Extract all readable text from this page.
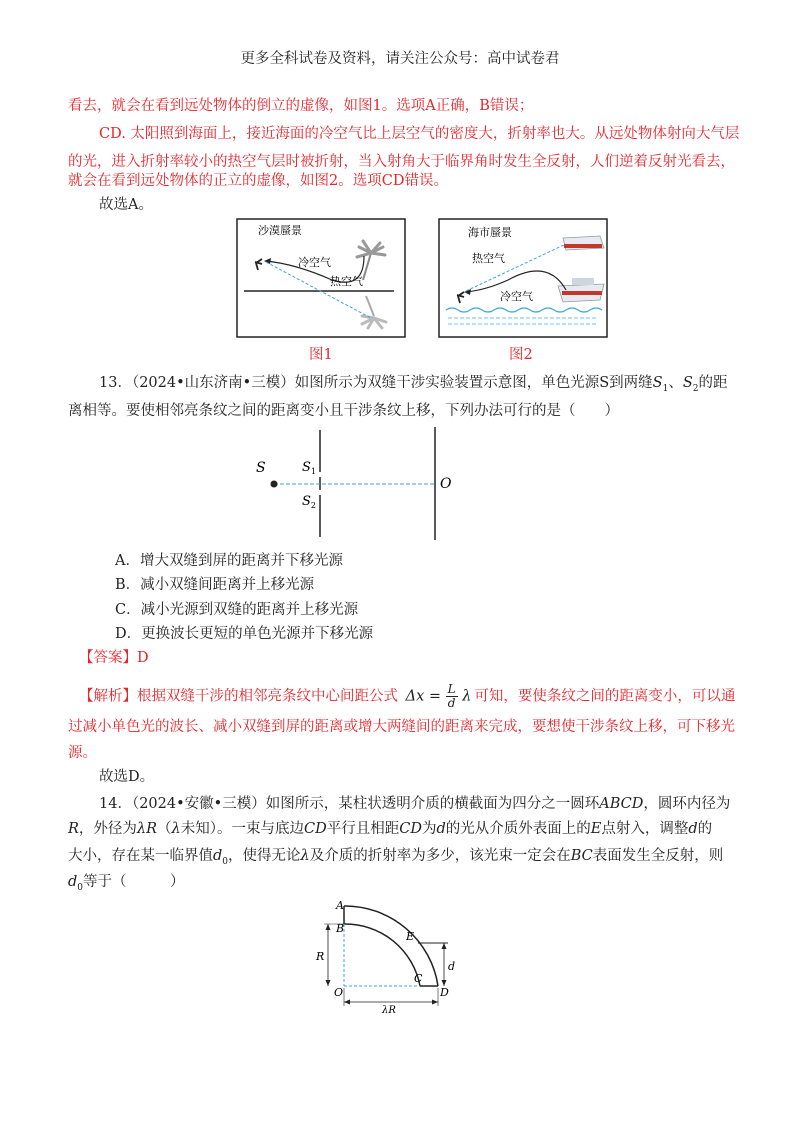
更多全科试卷及资料，请关注公众号：高中试卷君
看去，就会在看到远处物体的倒立的虚像，如图1。选项A正确，B错误；
CD. 太阳照到海面上，接近海面的冷空气比上层空气的密度大，折射率也大。从远处物体射向大气层
的光，进入折射率较小的热空气层时被折射，当入射角大于临界角时发生全反射，人们逆着反射光看去，
就会在看到远处物体的正立的虚像，如图2。选项CD错误。
故选A。
沙漠蜃景
冷空气
热空气
海市蜃景
热空气
冷空气
图1	图2
13．（2024•山东济南•三模）如图所示为双缝干涉实验装置示意图，单色光源S到两缝$S_1$、$S_2$的距
离相等。要使相邻亮条纹之间的距离变小且干涉条纹上移，下列办法可行的是（　　）
S	$S_1$
$S_2$
O
A．增大双缝到屏的距离并下移光源
B．减小双缝间距离并上移光源
C．减小光源到双缝的距离并上移光源
D．更换波长更短的单色光源并下移光源
【答案】D
【解析】根据双缝干涉的相邻亮条纹中心间距公式 $\Delta x = \frac{L}{d}$ λ 可知，要使条纹之间的距离变小，可以通
过减小单色光的波长、减小双缝到屏的距离或增大两缝间的距离来完成，要想使干涉条纹上移，可下移光
源。
故选D。
14．（2024•安徽•三模）如图所示，某柱状透明介质的横截面为四分之一圆环ABCD，圆环内径为
R，外径为λR（λ未知）。一束与底边CD平行且相距CD为d的光从介质外表面上的E点射入，调整d的
大小，存在某一临界值$d_0$，使得无论λ及介质的折射率为多少，该光束一定会在BC表面发生全反射，则
$d_0$等于（　　　）
A
B
C
D
E
O
R
d
λR
